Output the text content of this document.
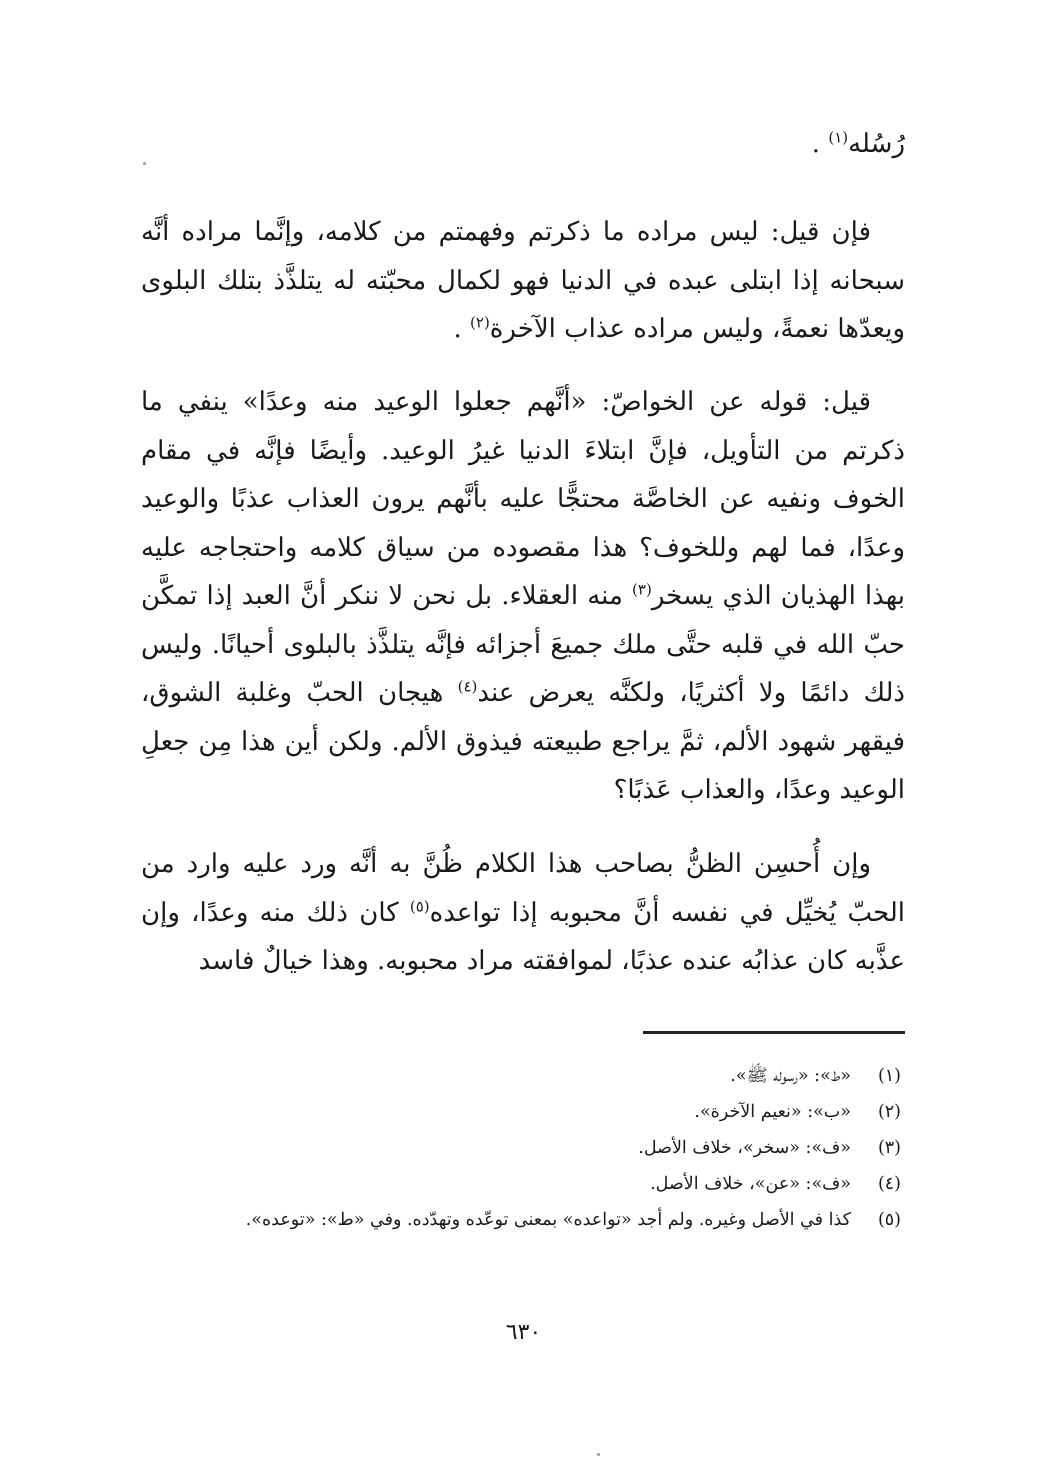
رُسُله$^{(١)}$ .

فإن قيل: ليس مراده ما ذكرتم وفهمتم من كلامه، وإنَّما مراده أنَّه سبحانه إذا ابتلى عبده في الدنيا فهو لكمال محبّته له يتلذَّذ بتلك البلوى ويعدّها نعمةً، وليس مراده عذاب الآخرة$^{(٢)}$ .

قيل: قوله عن الخواصّ: «أنَّهم جعلوا الوعيد منه وعدًا» ينفي ما ذكرتم من التأويل، فإنَّ ابتلاءَ الدنيا غيرُ الوعيد. وأيضًا فإنَّه في مقام الخوف ونفيه عن الخاصَّة محتجًّا عليه بأنَّهم يرون العذاب عذبًا والوعيد وعدًا، فما لهم وللخوف؟ هذا مقصوده من سياق كلامه واحتجاجه عليه بهذا الهذيان الذي يسخر$^{(٣)}$ منه العقلاء. بل نحن لا ننكر أنَّ العبد إذا تمكَّن حبّ الله في قلبه حتَّى ملك جميعَ أجزائه فإنَّه يتلذَّذ بالبلوى أحيانًا. وليس ذلك دائمًا ولا أكثريًا، ولكنَّه يعرض عند$^{(٤)}$ هيجان الحبّ وغلبة الشوق، فيقهر شهود الألم، ثمَّ يراجع طبيعته فيذوق الألم. ولكن أين هذا مِن جعلِ الوعيد وعدًا، والعذاب عَذبًا؟

وإن أُحسِن الظنُّ بصاحب هذا الكلام ظُنَّ به أنَّه ورد عليه وارد من الحبّ يُخيِّل في نفسه أنَّ محبوبه إذا تواعده$^{(٥)}$ كان ذلك منه وعدًا، وإن عذَّبه كان عذابُه عنده عذبًا، لموافقته مراد محبوبه. وهذا خيالٌ فاسد

(١)
«ط»: «رسوله ﷺ».
(٢)
«ب»: «نعيم الآخرة».
(٣)
«ف»: «سخر»، خلاف الأصل.
(٤)
«ف»: «عن»، خلاف الأصل.
(٥)
كذا في الأصل وغيره. ولم أجد «تواعده» بمعنى توعّده وتهدّده. وفي «ط»: «توعده».
٦٣٠
